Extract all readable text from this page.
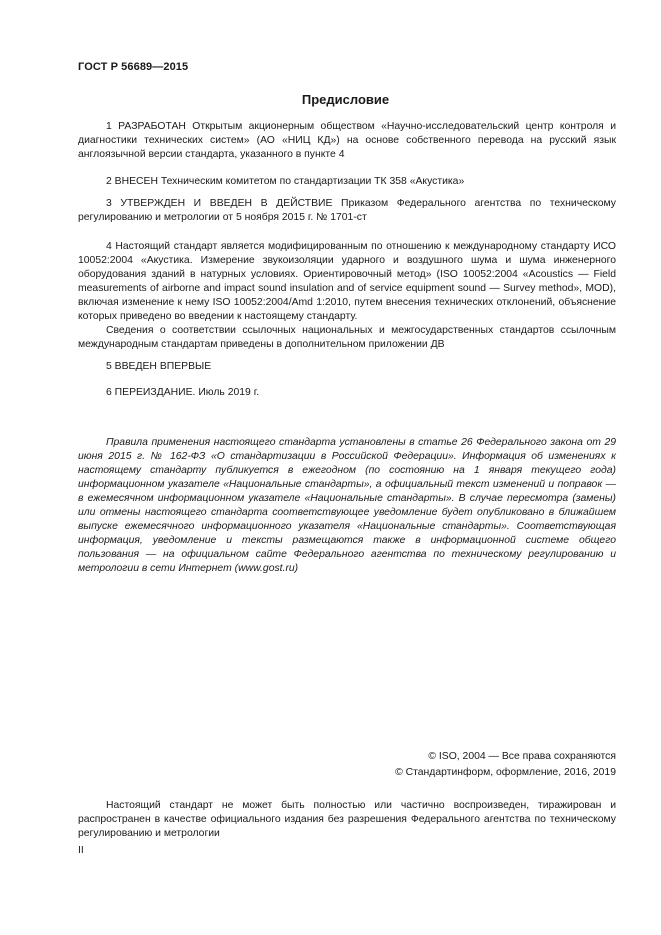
ГОСТ Р 56689—2015
Предисловие

1 РАЗРАБОТАН Открытым акционерным обществом «Научно-исследовательский центр контроля и диагностики технических систем» (АО «НИЦ КД») на основе собственного перевода на русский язык англоязычной версии стандарта, указанного в пункте 4

2 ВНЕСЕН Техническим комитетом по стандартизации ТК 358 «Акустика»

3 УТВЕРЖДЕН И ВВЕДЕН В ДЕЙСТВИЕ Приказом Федерального агентства по техническому регулированию и метрологии от 5 ноября 2015 г. № 1701-ст

4 Настоящий стандарт является модифицированным по отношению к международному стандарту ИСО 10052:2004 «Акустика. Измерение звукоизоляции ударного и воздушного шума и шума инженерного оборудования зданий в натурных условиях. Ориентировочный метод» (ISO 10052:2004 «Acoustics — Field measurements of airborne and impact sound insulation and of service equipment sound — Survey method», MOD), включая изменение к нему ISO 10052:2004/Amd 1:2010, путем внесения технических отклонений, объяснение которых приведено во введении к настоящему стандарту.

Сведения о соответствии ссылочных национальных и межгосударственных стандартов ссылочным международным стандартам приведены в дополнительном приложении ДВ

5 ВВЕДЕН ВПЕРВЫЕ

6 ПЕРЕИЗДАНИЕ. Июль 2019 г.

Правила применения настоящего стандарта установлены в статье 26 Федерального закона от 29 июня 2015 г. № 162-ФЗ «О стандартизации в Российской Федерации». Информация об изменениях к настоящему стандарту публикуется в ежегодном (по состоянию на 1 января текущего года) информационном указателе «Национальные стандарты», а официальный текст изменений и поправок — в ежемесячном информационном указателе «Национальные стандарты». В случае пересмотра (замены) или отмены настоящего стандарта соответствующее уведомление будет опубликовано в ближайшем выпуске ежемесячного информационного указателя «Национальные стандарты». Соответствующая информация, уведомление и тексты размещаются также в информационной системе общего пользования — на официальном сайте Федерального агентства по техническому регулированию и метрологии в сети Интернет (www.gost.ru)

© ISO, 2004 — Все права сохраняются
© Стандартинформ, оформление, 2016, 2019

Настоящий стандарт не может быть полностью или частично воспроизведен, тиражирован и распространен в качестве официального издания без разрешения Федерального агентства по техническому регулированию и метрологии

II
